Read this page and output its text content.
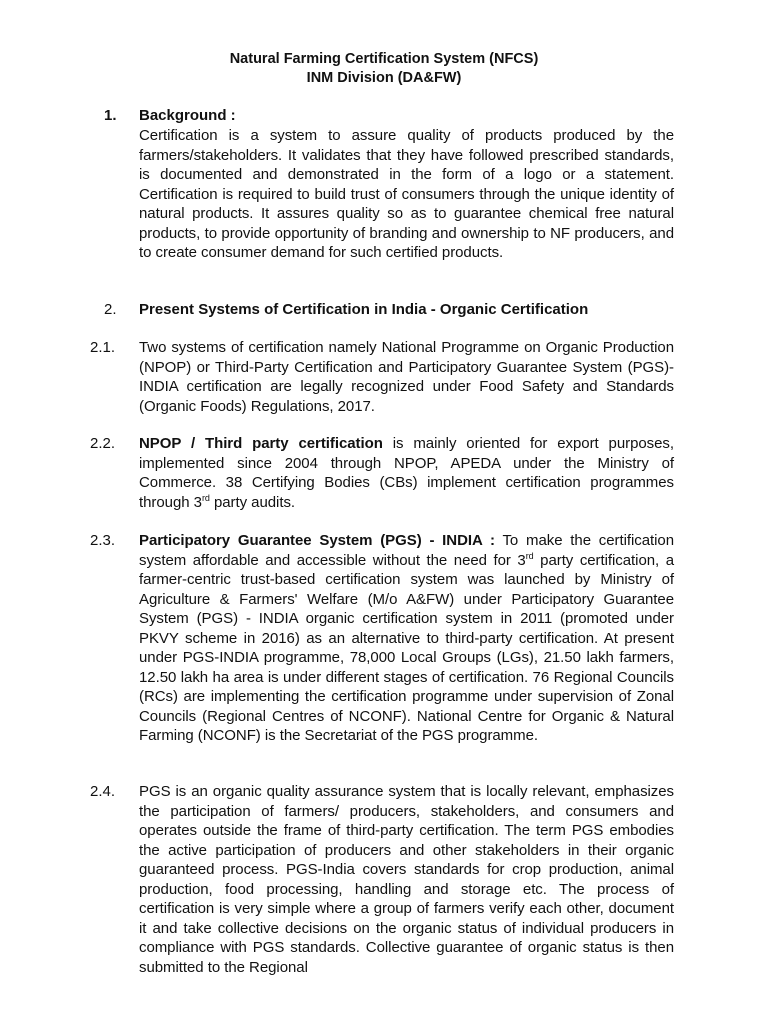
Natural Farming Certification System (NFCS)
INM Division (DA&FW)
1. Background :
Certification is a system to assure quality of products produced by the farmers/stakeholders. It validates that they have followed prescribed standards, is documented and demonstrated in the form of a logo or a statement. Certification is required to build trust of consumers through the unique identity of natural products. It assures quality so as to guarantee chemical free natural products, to provide opportunity of branding and ownership to NF producers, and to create consumer demand for such certified products.
2. Present Systems of Certification in India - Organic Certification
2.1. Two systems of certification namely National Programme on Organic Production (NPOP) or Third-Party Certification and Participatory Guarantee System (PGS)-INDIA certification are legally recognized under Food Safety and Standards (Organic Foods) Regulations, 2017.
2.2. NPOP / Third party certification is mainly oriented for export purposes, implemented since 2004 through NPOP, APEDA under the Ministry of Commerce. 38 Certifying Bodies (CBs) implement certification programmes through 3rd party audits.
2.3. Participatory Guarantee System (PGS) - INDIA : To make the certification system affordable and accessible without the need for 3rd party certification, a farmer-centric trust-based certification system was launched by Ministry of Agriculture & Farmers' Welfare (M/o A&FW) under Participatory Guarantee System (PGS) - INDIA organic certification system in 2011 (promoted under PKVY scheme in 2016) as an alternative to third-party certification. At present under PGS-INDIA programme, 78,000 Local Groups (LGs), 21.50 lakh farmers, 12.50 lakh ha area is under different stages of certification. 76 Regional Councils (RCs) are implementing the certification programme under supervision of Zonal Councils (Regional Centres of NCONF). National Centre for Organic & Natural Farming (NCONF) is the Secretariat of the PGS programme.
2.4. PGS is an organic quality assurance system that is locally relevant, emphasizes the participation of farmers/ producers, stakeholders, and consumers and operates outside the frame of third-party certification. The term PGS embodies the active participation of producers and other stakeholders in their organic guaranteed process. PGS-India covers standards for crop production, animal production, food processing, handling and storage etc. The process of certification is very simple where a group of farmers verify each other, document it and take collective decisions on the organic status of individual producers in compliance with PGS standards. Collective guarantee of organic status is then submitted to the Regional
